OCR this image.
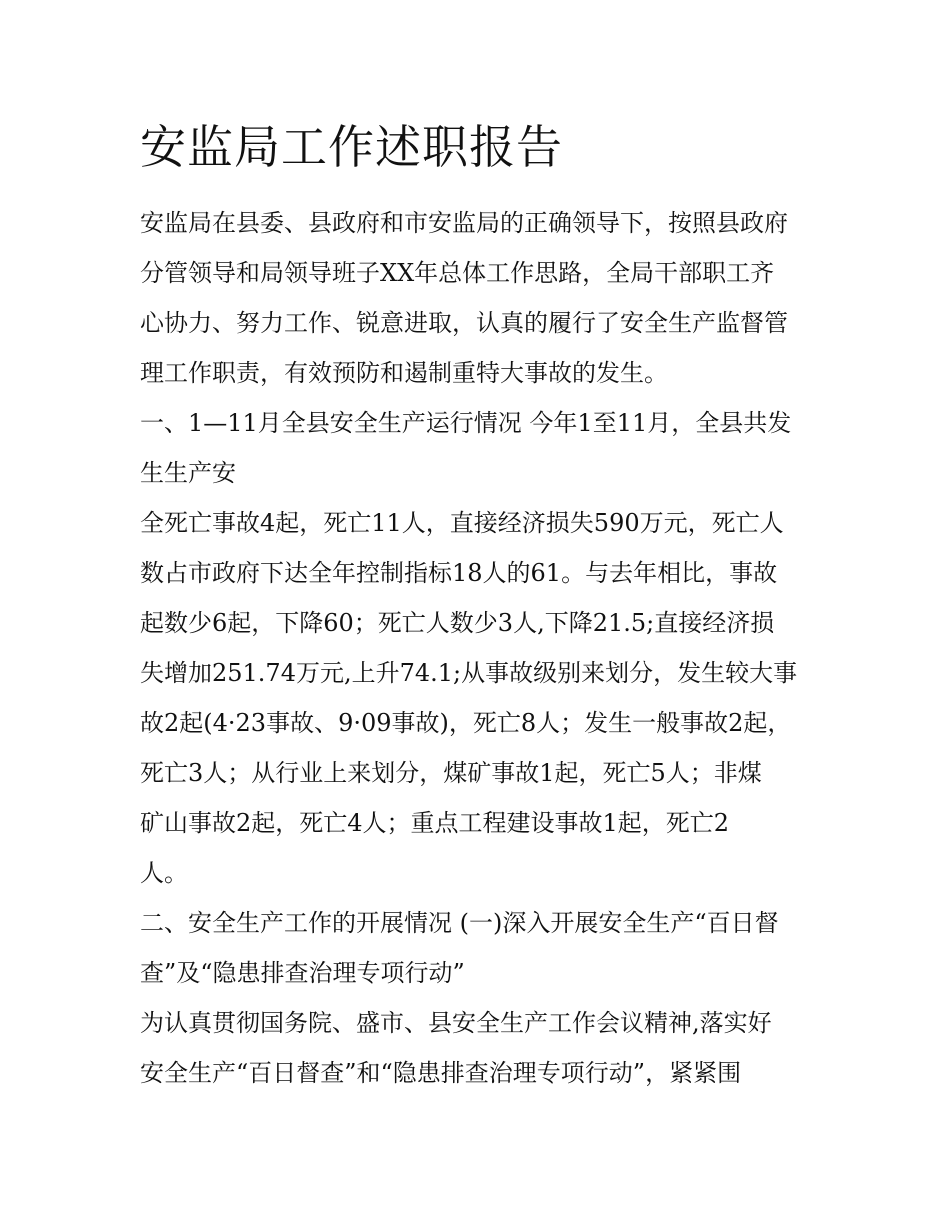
安监局工作述职报告
安监局在县委、县政府和市安监局的正确领导下，按照县政府
分管领导和局领导班子XX年总体工作思路，全局干部职工齐
心协力、努力工作、锐意进取，认真的履行了安全生产监督管
理工作职责，有效预防和遏制重特大事故的发生。
一、1—11月全县安全生产运行情况 今年1至11月，全县共发
生生产安
全死亡事故4起，死亡11人，直接经济损失590万元，死亡人
数占市政府下达全年控制指标18人的61。与去年相比，事故
起数少6起，下降60；死亡人数少3人,下降21.5;直接经济损
失增加251.74万元,上升74.1;从事故级别来划分，发生较大事
故2起(4·23事故、9·09事故)，死亡8人；发生一般事故2起，
死亡3人；从行业上来划分，煤矿事故1起，死亡5人；非煤
矿山事故2起，死亡4人；重点工程建设事故1起，死亡2
人。
二、安全生产工作的开展情况 (一)深入开展安全生产“百日督
查”及“隐患排查治理专项行动”
为认真贯彻国务院、盛市、县安全生产工作会议精神,落实好
安全生产“百日督查”和“隐患排查治理专项行动”，紧紧围
